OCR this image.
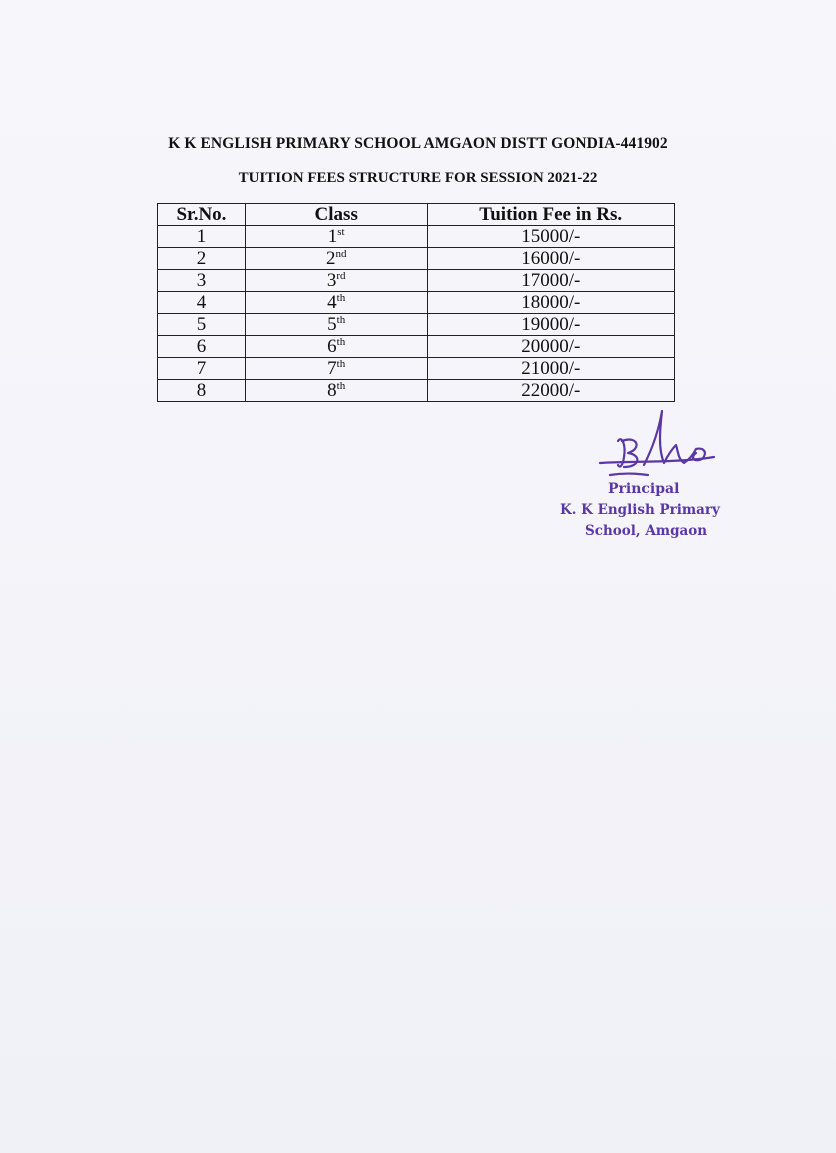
K K ENGLISH PRIMARY SCHOOL AMGAON DISTT GONDIA-441902
TUITION FEES STRUCTURE FOR SESSION 2021-22
Sr.No.	Class	Tuition Fee in Rs.
1	1st	15000/-
2	2nd	16000/-
3	3rd	17000/-
4	4th	18000/-
5	5th	19000/-
6	6th	20000/-
7	7th	21000/-
8	8th	22000/-
Principal
K. K English Primary
School, Amgaon
